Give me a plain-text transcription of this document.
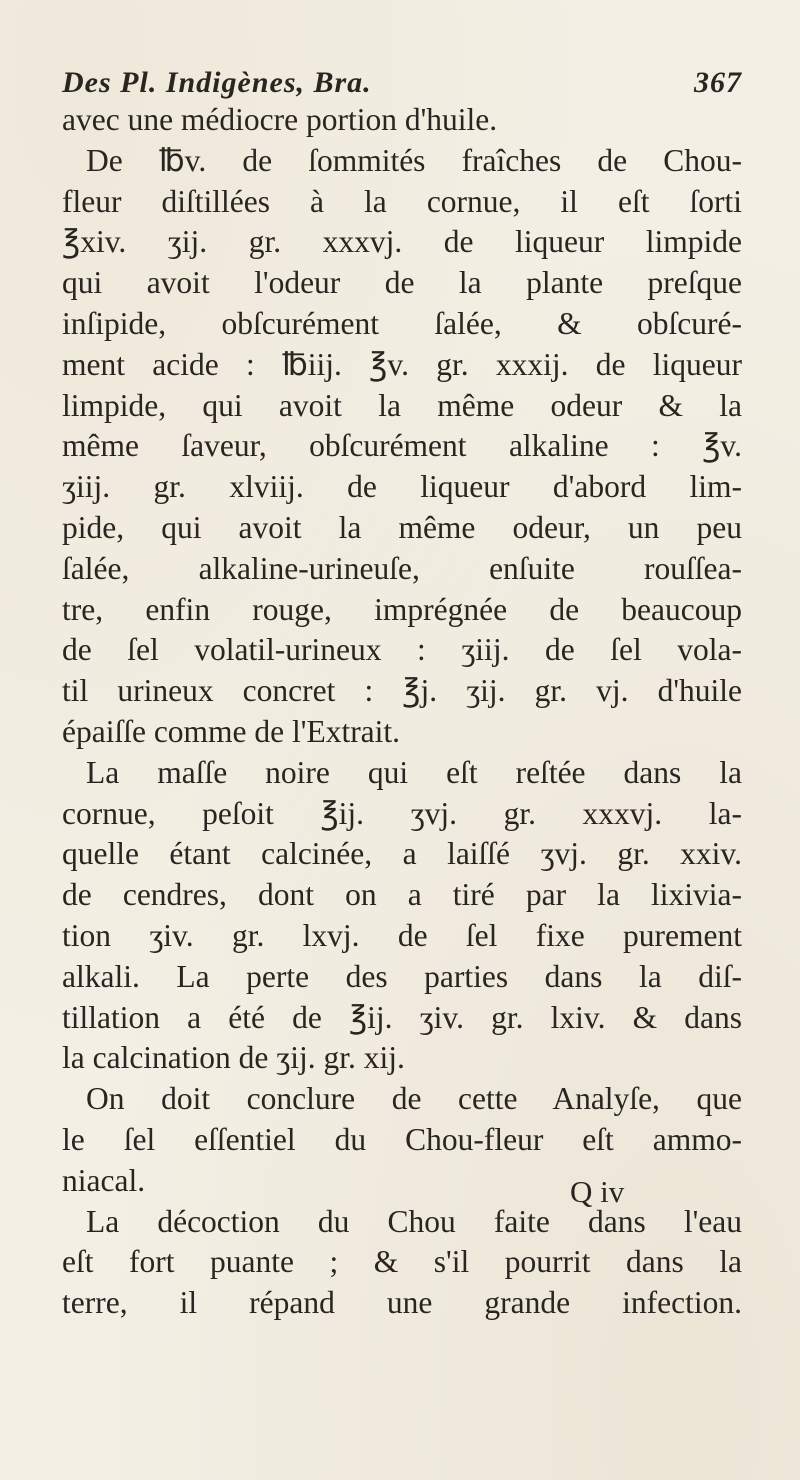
Des Pl. Indigènes, Bra.	367
avec une médiocre portion d'huile.
De ℔v. de ſommités fraîches de Chou-
fleur diſtillées à la cornue, il eſt ſorti
℥xiv. ʒij. gr. xxxvj. de liqueur limpide
qui avoit l'odeur de la plante preſque
inſipide, obſcurément ſalée, & obſcuré-
ment acide : ℔iij. ℥v. gr. xxxij. de liqueur
limpide, qui avoit la même odeur & la
même ſaveur, obſcurément alkaline : ℥v.
ʒiij. gr. xlviij. de liqueur d'abord lim-
pide, qui avoit la même odeur, un peu
ſalée, alkaline-urineuſe, enſuite rouſſea-
tre, enfin rouge, imprégnée de beaucoup
de ſel volatil-urineux : ʒiij. de ſel vola-
til urineux concret : ℥j. ʒij. gr. vj. d'huile
épaiſſe comme de l'Extrait.
La maſſe noire qui eſt reſtée dans la
cornue, peſoit ℥ij. ʒvj. gr. xxxvj. la-
quelle étant calcinée, a laiſſé ʒvj. gr. xxiv.
de cendres, dont on a tiré par la lixivia-
tion ʒiv. gr. lxvj. de ſel fixe purement
alkali. La perte des parties dans la diſ-
tillation a été de ℥ij. ʒiv. gr. lxiv. & dans
la calcination de ʒij. gr. xij.
On doit conclure de cette Analyſe, que
le ſel eſſentiel du Chou-fleur eſt ammo-
niacal.
La décoction du Chou faite dans l'eau
eſt fort puante ; & s'il pourrit dans la
terre, il répand une grande infection.
Q iv
